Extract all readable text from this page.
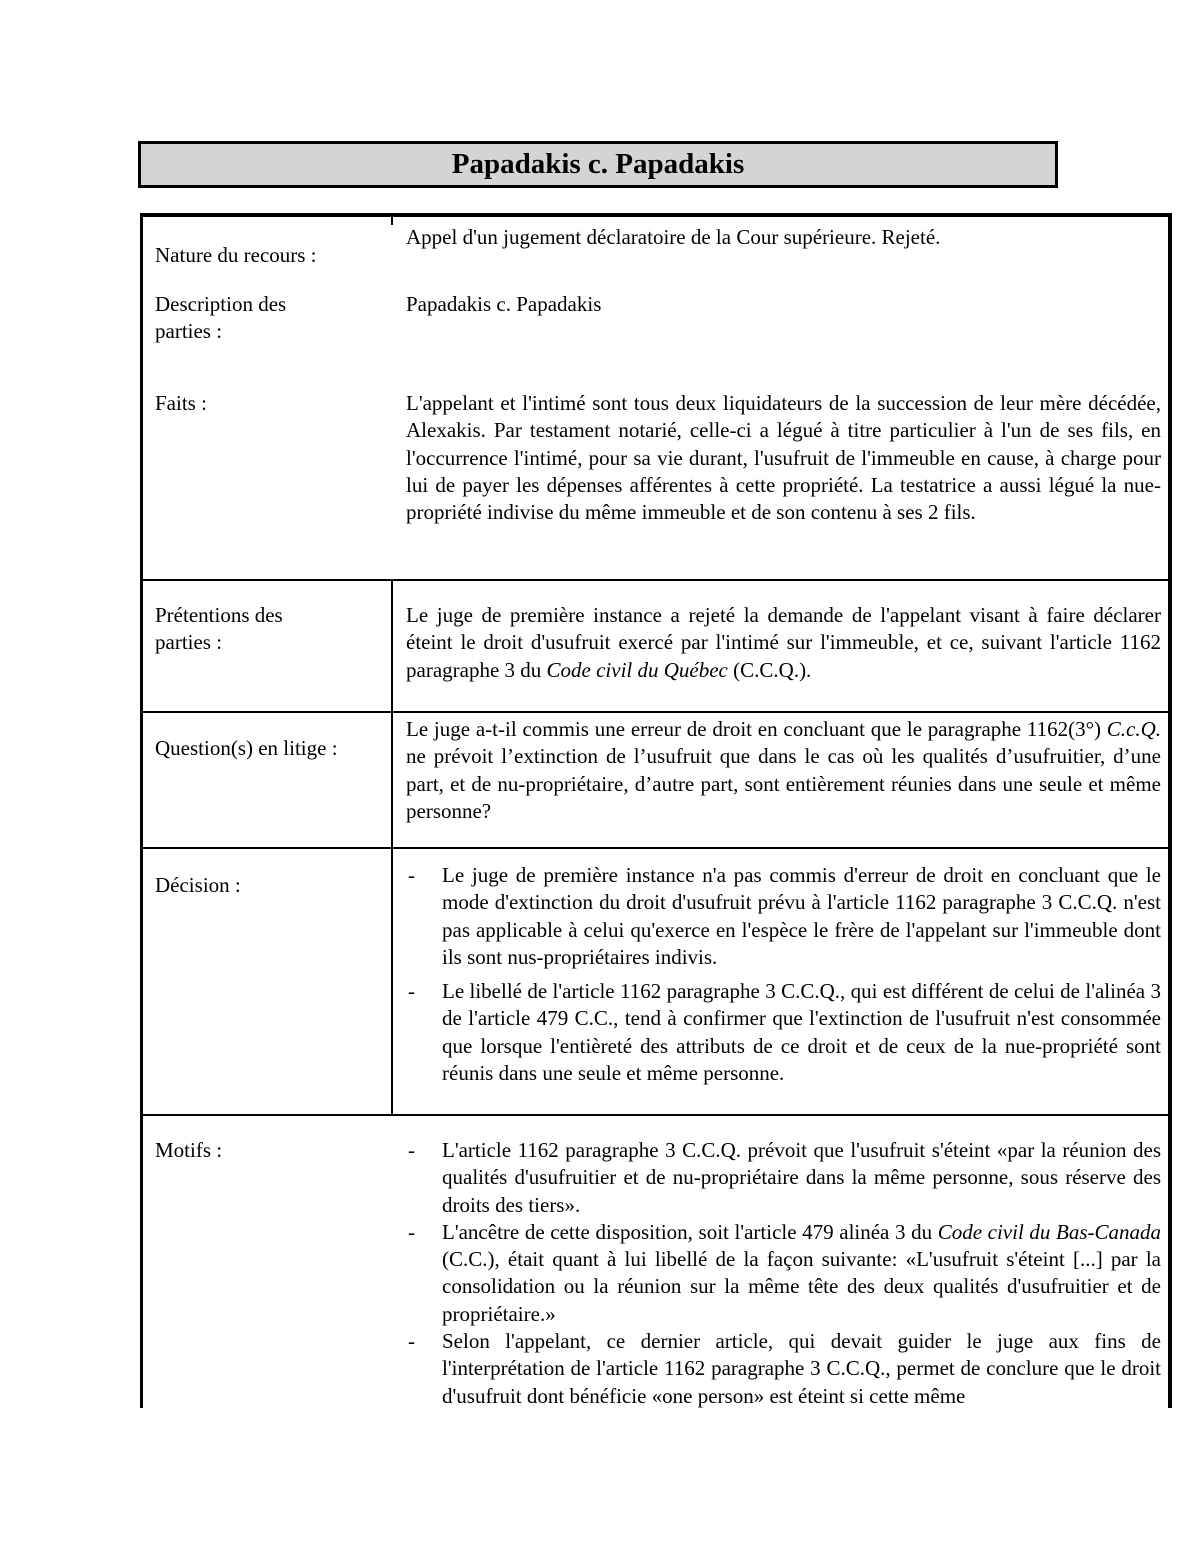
Papadakis c. Papadakis
Nature du recours :
Appel d'un jugement déclaratoire de la Cour supérieure. Rejeté.
Description des parties :
Papadakis c. Papadakis
Faits :	L'appelant et l'intimé sont tous deux liquidateurs de la succession de leur mère décédée, Alexakis. Par testament notarié, celle-ci a légué à titre particulier à l'un de ses fils, en l'occurrence l'intimé, pour sa vie durant, l'usufruit de l'immeuble en cause, à charge pour lui de payer les dépenses afférentes à cette propriété. La testatrice a aussi légué la nue-propriété indivise du même immeuble et de son contenu à ses 2 fils.
Prétentions des parties :
Le juge de première instance a rejeté la demande de l'appelant visant à faire déclarer éteint le droit d'usufruit exercé par l'intimé sur l'immeuble, et ce, suivant l'article 1162 paragraphe 3 du Code civil du Québec (C.C.Q.).
Question(s) en litige :
Le juge a-t-il commis une erreur de droit en concluant que le paragraphe 1162(3°) C.c.Q. ne prévoit l’extinction de l’usufruit que dans le cas où les qualités d’usufruitier, d’une part, et de nu-propriétaire, d’autre part, sont entièrement réunies dans une seule et même personne?
Décision :	- Le juge de première instance n'a pas commis d'erreur de droit en concluant que le mode d'extinction du droit d'usufruit prévu à l'article 1162 paragraphe 3 C.C.Q. n'est pas applicable à celui qu'exerce en l'espèce le frère de l'appelant sur l'immeuble dont ils sont nus-propriétaires indivis.
- Le libellé de l'article 1162 paragraphe 3 C.C.Q., qui est différent de celui de l'alinéa 3 de l'article 479 C.C., tend à confirmer que l'extinction de l'usufruit n'est consommée que lorsque l'entièreté des attributs de ce droit et de ceux de la nue-propriété sont réunis dans une seule et même personne.
Motifs :	- L'article 1162 paragraphe 3 C.C.Q. prévoit que l'usufruit s'éteint «par la réunion des qualités d'usufruitier et de nu-propriétaire dans la même personne, sous réserve des droits des tiers».
- L'ancêtre de cette disposition, soit l'article 479 alinéa 3 du Code civil du Bas-Canada (C.C.), était quant à lui libellé de la façon suivante: «L'usufruit s'éteint [...] par la consolidation ou la réunion sur la même tête des deux qualités d'usufruitier et de propriétaire.»
- Selon l'appelant, ce dernier article, qui devait guider le juge aux fins de l'interprétation de l'article 1162 paragraphe 3 C.C.Q., permet de conclure que le droit d'usufruit dont bénéficie «one person» est éteint si cette même
